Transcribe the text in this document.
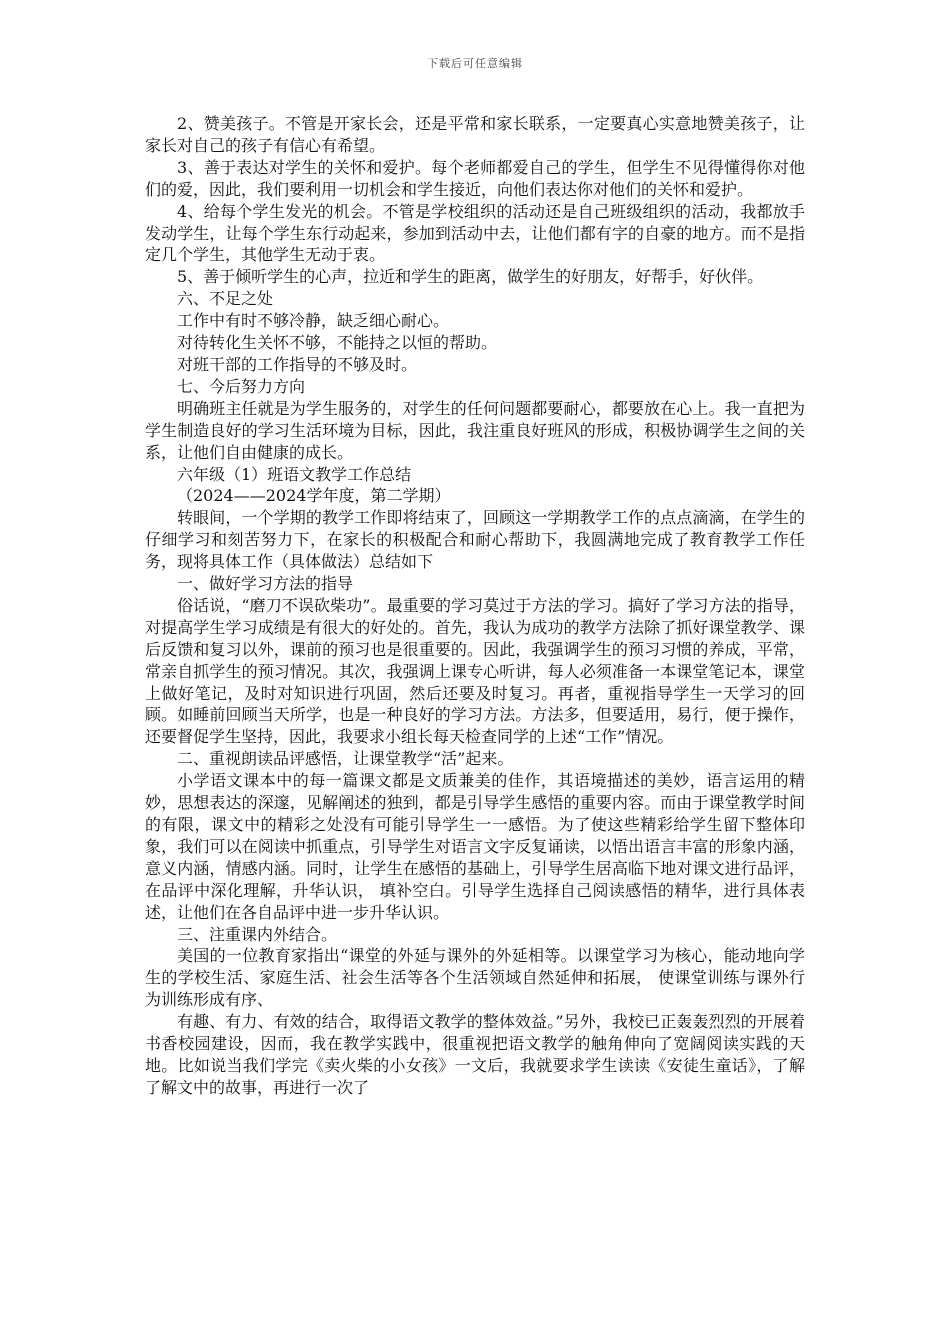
下载后可任意编辑

2、赞美孩子。不管是开家长会，还是平常和家长联系，一定要真心实意地赞美孩子，让家长对自己的孩子有信心有希望。

3、善于表达对学生的关怀和爱护。每个老师都爱自己的学生，但学生不见得懂得你对他们的爱，因此，我们要利用一切机会和学生接近，向他们表达你对他们的关怀和爱护。

4、给每个学生发光的机会。不管是学校组织的活动还是自己班级组织的活动，我都放手发动学生，让每个学生东行动起来，参加到活动中去，让他们都有字的自豪的地方。而不是指定几个学生，其他学生无动于衷。

5、善于倾听学生的心声，拉近和学生的距离，做学生的好朋友，好帮手，好伙伴。

六、不足之处

工作中有时不够冷静，缺乏细心耐心。

对待转化生关怀不够，不能持之以恒的帮助。

对班干部的工作指导的不够及时。

七、今后努力方向

明确班主任就是为学生服务的，对学生的任何问题都要耐心，都要放在心上。我一直把为学生制造良好的学习生活环境为目标，因此，我注重良好班风的形成，积极协调学生之间的关系，让他们自由健康的成长。

六年级（1）班语文教学工作总结

（2024——2024学年度，第二学期）

转眼间，一个学期的教学工作即将结束了，回顾这一学期教学工作的点点滴滴，在学生的仔细学习和刻苦努力下，在家长的积极配合和耐心帮助下，我圆满地完成了教育教学工作任务，现将具体工作（具体做法）总结如下

一、做好学习方法的指导

俗话说，“磨刀不误砍柴功”。最重要的学习莫过于方法的学习。搞好了学习方法的指导，对提高学生学习成绩是有很大的好处的。首先，我认为成功的教学方法除了抓好课堂教学、课后反馈和复习以外，课前的预习也是很重要的。因此，我强调学生的预习习惯的养成，平常，常亲自抓学生的预习情况。其次，我强调上课专心听讲，每人必须准备一本课堂笔记本，课堂上做好笔记，及时对知识进行巩固，然后还要及时复习。再者，重视指导学生一天学习的回顾。如睡前回顾当天所学，也是一种良好的学习方法。方法多，但要适用，易行，便于操作，还要督促学生坚持，因此，我要求小组长每天检查同学的上述“工作”情况。

二、重视朗读品评感悟，让课堂教学“活”起来。

小学语文课本中的每一篇课文都是文质兼美的佳作，其语境描述的美妙，语言运用的精妙，思想表达的深邃，见解阐述的独到，都是引导学生感悟的重要内容。而由于课堂教学时间的有限，课文中的精彩之处没有可能引导学生一一感悟。为了使这些精彩给学生留下整体印象，我们可以在阅读中抓重点，引导学生对语言文字反复诵读，以悟出语言丰富的形象内涵，意义内涵，情感内涵。同时，让学生在感悟的基础上，引导学生居高临下地对课文进行品评，在品评中深化理解，升华认识， 填补空白。引导学生选择自己阅读感悟的精华，进行具体表述，让他们在各自品评中进一步升华认识。

三、注重课内外结合。

美国的一位教育家指出“课堂的外延与课外的外延相等。以课堂学习为核心，能动地向学生的学校生活、家庭生活、社会生活等各个生活领域自然延伸和拓展， 使课堂训练与课外行为训练形成有序、

有趣、有力、有效的结合，取得语文教学的整体效益。”另外，我校已正轰轰烈烈的开展着书香校园建设，因而，我在教学实践中，很重视把语文教学的触角伸向了宽阔阅读实践的天地。比如说当我们学完《卖火柴的小女孩》一文后，我就要求学生读读《安徒生童话》，了解了解文中的故事，再进行一次了
